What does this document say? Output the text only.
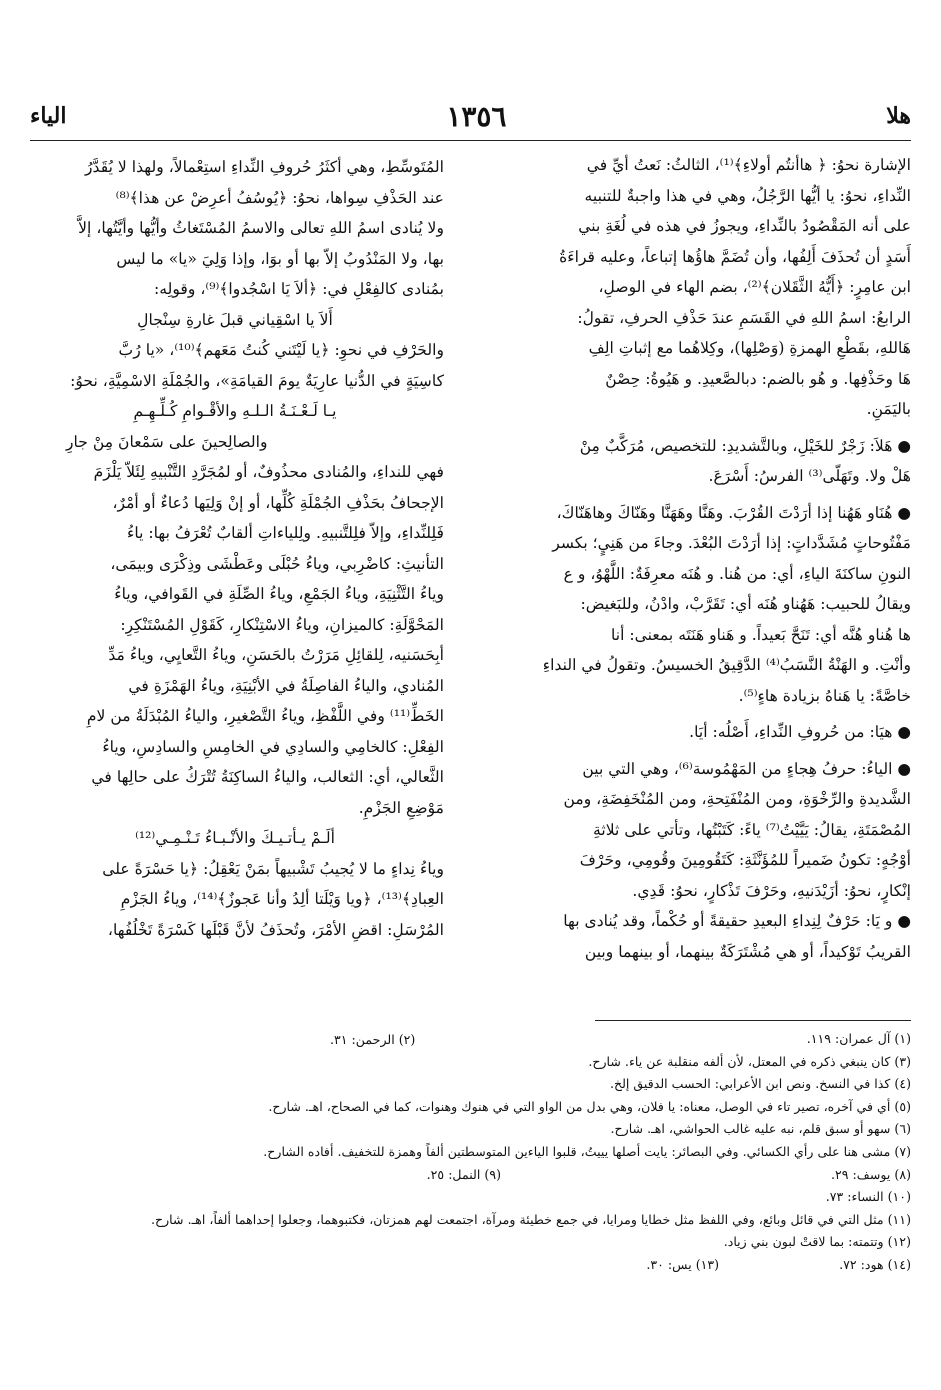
هلا
١٣٥٦
الياء

الإشارة نحوُ: ﴿ هاأنتُم أولاءِ﴾⁽¹⁾، الثالثُ: نَعتُ أيِّ في

النِّداءِ، نحوُ: يا أيُّها الرَّجُلُ، وهي في هذا واجبةٌ للتنبيه

على أنه المَقْصُودُ بالنِّداءِ، ويجوزُ في هذه في لُغَةِ بني

أَسَدٍ أن تُحذَفَ أَلِفُها، وأن تُضَمَّ هاؤُها إتباعاً، وعليه قراءَةُ

ابن عامِرٍ: ﴿أَيُّهُ الثَّقَلان﴾⁽²⁾، بضم الهاء في الوصلِ،

الرابعُ: اسمُ اللهِ في القَسَمِ عندَ حَذْفِ الحرفِ، تقولُ:

هَاللهِ، بقَطْعِ الهمزةِ (وَصْلِها)، وكِلاهُما مع إثباتِ الِفِ

هَا وحَذْفِها. و هُو بالضم: دبالصَّعيدِ. و هَيُوةُ: حِصْنٌ

باليَمَنِ.

● هَلاَ: زَجْرٌ للخَيْلِ، وبالتَّشديدِ: للتخصيص، مُرَكَّبٌ مِنْ

هَلْ ولا. وتَهَلّى⁽³⁾ الفرسُ: أَسْرَعَ.

● هُنَاو هَهُنا إذا أرَدْتَ القُرْبَ. وهَنَّا وهَهَنَّا وهَنّاكَ وهاهَنّاكَ،

مَفْتُوحاتٍ مُشَدَّداتٍ: إذا أرَدْتَ البُعْدَ. وجاءَ من هَنِيٍ؛ بكسر

النونِ ساكنَةَ الياءِ، أي: من هُنا. و هُنَه معرِفَةٌ: اللَّهْوُ، و ع

ويقالُ للحبيب: هَهُناو هُنَه أي: تَقَرَّبْ، وادْنُ، وللبَغيض:

ها هُناو هُنَّه أي: تَنَحَّ بَعيداً. و هَناو هَنَتَه بمعنى: أنا

وأنْتِ. و الهَنْةُ النَّسَبُ⁽⁴⁾ الدَّقِيقُ الخسيسُ. وتقولُ في النداءِ

خاصَّةً: يا هَناهُ بزيادة هاءٍ⁽⁵⁾.

● هيَا: من حُروفِ النِّداءِ، أَصْلُه: أيَا.

● الياءُ: حرفُ هِجاءٍ من المَهْمُوسة⁽⁶⁾، وهي التي بين

الشَّديدةِ والرِّخْوَةِ، ومن المُنْفَتِحةِ، ومن المُنْخَفِضَةِ، ومن

المُصْمَتَةِ، يقالُ: يَيَّيْتُ⁽⁷⁾ ياءً: كَتَبْتُها، وتأتي على ثلاثةِ

أوْجُهٍ: تكونُ ضَميراً للمُؤَنَّثَةِ: كَتَقُومِينَ وقُومِي، وحَرْفَ

إنْكارٍ، نحوُ: أزَيْدَنيهِ، وحَرْفَ تَذْكارٍ، نحوُ: قَدِي.

● و يَا: حَرْفٌ لِنِداءِ البعيدِ حقيقةً أو حُكْماً، وقد يُنادى بها

القريبُ تَوْكيداً، أو هي مُشْتَرَكَةٌ بينهما، أو بينهما وبين

المُتَوسِّطِ، وهي أكثَرُ حُروفِ النِّداءِ استِعْمالاً، ولهذا لا يُقَدَّرُ

عند الحَذْفِ سِواها، نحوُ: ﴿يُوسُفُ أعرِضْ عن هذا﴾⁽⁸⁾

ولا يُنادى اسمُ اللهِ تعالى والاسمُ المُسْتَغاثُ وأيُّها وأيَّتُها، إلاَّ

بها، ولا المَنْدُوبُ إلاّ بها أو بوَا، وإذا وَلِيَ «يا» ما ليس

بمُنادى كالفِعْلِ في: ﴿ألاَ يَا اسْجُدوا﴾⁽⁹⁾، وقولِه:

أَلاَ يا اسْقِياني قبلَ غارةِ سِنْجالِ

والحَرْفِ في نحوِ: ﴿يا لَيْتَني كُنتُ مَعَهم﴾⁽¹⁰⁾، «يا رُبَّ

كاسِيَةٍ في الدُّنيا عارِيَةٌ يومَ القيامَةِ»، والجُمْلَةِ الاسْمِيَّةِ، نحوُ:

يـا لَـعْـنَـةُ الـلـهِ والأقْـوامِ كُـلِّـهِـمِ

والصالِحينَ على سَمْعانَ مِنْ جارِ

فهي للنداءِ، والمُنادى محذُوفٌ، أو لمُجَرَّدِ التَّنْبيهِ لِئَلاّ يَلْزَمَ

الإجحافُ بحَذْفِ الجُمْلَةِ كُلِّها، أو إنْ وَلِيَها دُعاءٌ أو أمْرٌ،

فَلِلنِّداءِ، وإلاّ فلِلتَّنبيهِ. ولِلياءاتِ ألقابٌ تُعْرَفُ بها: ياءُ

التأنيثِ: كاضْرِبي، وياءُ حُبْلَى وعَطْشَى وذِكْرَى وبيمَى،

وياءُ التَّثْنِيَةِ، وياءُ الجَمْعِ، وياءُ الصِّلَةِ في القَوافي، وياءُ

المَحْوَّلَةِ: كالميزانِ، وياءُ الاسْتِنْكارِ، كَقَوْلِ المُسْتَنْكِرِ:

أبِحَسَنيه، لِلقائِلِ مَرَرْتُ بالحَسَنِ، وياءُ التَّعايِي، وياءُ مَدِّ

المُنادي، والياءُ الفاصِلَةُ في الأبْنِيَةِ، وياءُ الهَمْزَةِ في

الخَطِّ⁽¹¹⁾ وفي اللَّفْظِ، وياءُ التَّصْغيرِ، والياءُ المُبْدَلَةُ من لامِ

الفِعْلِ: كالخامِي والسادِي في الخامِسِ والسادِسِ، وياءُ

الثَّعالي، أي: الثعالب، والياءُ الساكِنَةُ تُتْرَكُ على حالِها في

مَوْضِعِ الجَزْمِ.

ألَـمْ يـأتـيـكَ والأنْـبـاءُ تَـنْـمِـي⁽¹²⁾

وياءُ نِداءٍ ما لا يُجيبُ تَشْبيهاً بمَنْ يَعْقِلُ: ﴿يا حَسْرَةً على

العِبادِ﴾⁽¹³⁾، ﴿ويا وَيْلَتا ألِدُ وأنا عَجوزٌ﴾⁽¹⁴⁾، وياءُ الجَزْمِ

المُرْسَلِ: اقضِ الأمْرَ، وتُحذَفُ لأنَّ قَبْلَها كَسْرَةً تَخْلُفُها،

(٢) الرحمن: ٣١.	(١) آل عمران: ١١٩.
(٣) كان ينبغي ذكره في المعتل، لأن ألفه منقلبة عن ياء. شارح.
(٤) كذا في النسخ. ونص ابن الأعرابي: الحسب الدقيق إلخ.
(٥) أي في آخره، تصير تاء في الوصل، معناه: يا فلان، وهي بدل من الواو التي في هنوك وهنوات، كما في الصحاح، اهـ. شارح.
(٦) سهو أو سبق قلم، نبه عليه غالب الحواشي، اهـ. شارح.
(٧) مشى هنا على رأي الكسائي. وفي البصائر: يايت أصلها يييتُ، قلبوا الياءين المتوسطتين ألفاً وهمزة للتخفيف. أفاده الشارح.
(٨) يوسف: ٢٩.
(٩) النمل: ٢٥.
(١٠) النساء: ٧٣.
(١١) مثل التي في قائل وبائع، وفي اللفظ مثل خطايا ومرايا، في جمع خطيئة ومرآة، اجتمعت لهم همزتان، فكتبوهما، وجعلوا إحداهما ألفاً، اهـ. شارح.
(١٢) وتتمته: بما لاقتْ لبون بني زياد.
(١٤) هود: ٧٢.
(١٣) يس: ٣٠.
